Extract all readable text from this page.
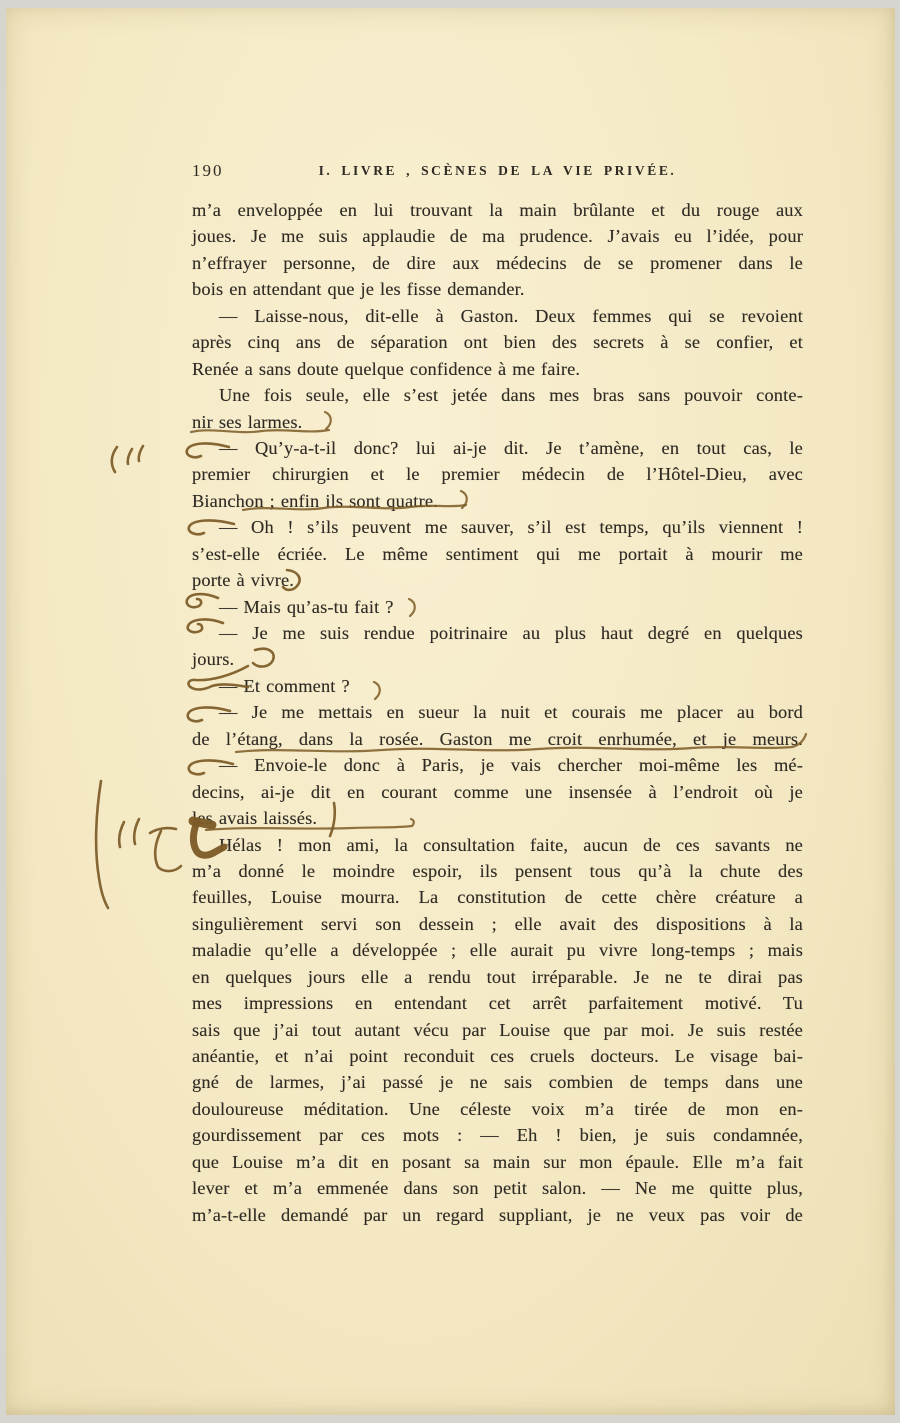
190	I. LIVRE , SCÈNES DE LA VIE PRIVÉE.
m’a enveloppée en lui trouvant la main brûlante et du rouge aux
joues. Je me suis applaudie de ma prudence. J’avais eu l’idée, pour
n’effrayer personne, de dire aux médecins de se promener dans le
bois en attendant que je les fisse demander.
— Laisse-nous, dit-elle à Gaston. Deux femmes qui se revoient
après cinq ans de séparation ont bien des secrets à se confier, et
Renée a sans doute quelque confidence à me faire.
Une fois seule, elle s’est jetée dans mes bras sans pouvoir conte-
nir ses larmes.
— Qu’y-a-t-il donc? lui ai-je dit. Je t’amène, en tout cas, le
premier chirurgien et le premier médecin de l’Hôtel-Dieu, avec
Bianchon ; enfin ils sont quatre.
— Oh ! s’ils peuvent me sauver, s’il est temps, qu’ils viennent !
s’est-elle écriée. Le même sentiment qui me portait à mourir me
porte à vivre.
— Mais qu’as-tu fait ?
— Je me suis rendue poitrinaire au plus haut degré en quelques
jours.
— Et comment ?
— Je me mettais en sueur la nuit et courais me placer au bord
de l’étang, dans la rosée. Gaston me croit enrhumée, et je meurs.
— Envoie-le donc à Paris, je vais chercher moi-même les mé-
decins, ai-je dit en courant comme une insensée à l’endroit où je
les avais laissés.
Hélas ! mon ami, la consultation faite, aucun de ces savants ne
m’a donné le moindre espoir, ils pensent tous qu’à la chute des
feuilles, Louise mourra. La constitution de cette chère créature a
singulièrement servi son dessein ; elle avait des dispositions à la
maladie qu’elle a développée ; elle aurait pu vivre long-temps ; mais
en quelques jours elle a rendu tout irréparable. Je ne te dirai pas
mes impressions en entendant cet arrêt parfaitement motivé. Tu
sais que j’ai tout autant vécu par Louise que par moi. Je suis restée
anéantie, et n’ai point reconduit ces cruels docteurs. Le visage bai-
gné de larmes, j’ai passé je ne sais combien de temps dans une
douloureuse méditation. Une céleste voix m’a tirée de mon en-
gourdissement par ces mots : — Eh ! bien, je suis condamnée,
que Louise m’a dit en posant sa main sur mon épaule. Elle m’a fait
lever et m’a emmenée dans son petit salon. — Ne me quitte plus,
m’a-t-elle demandé par un regard suppliant, je ne veux pas voir de
